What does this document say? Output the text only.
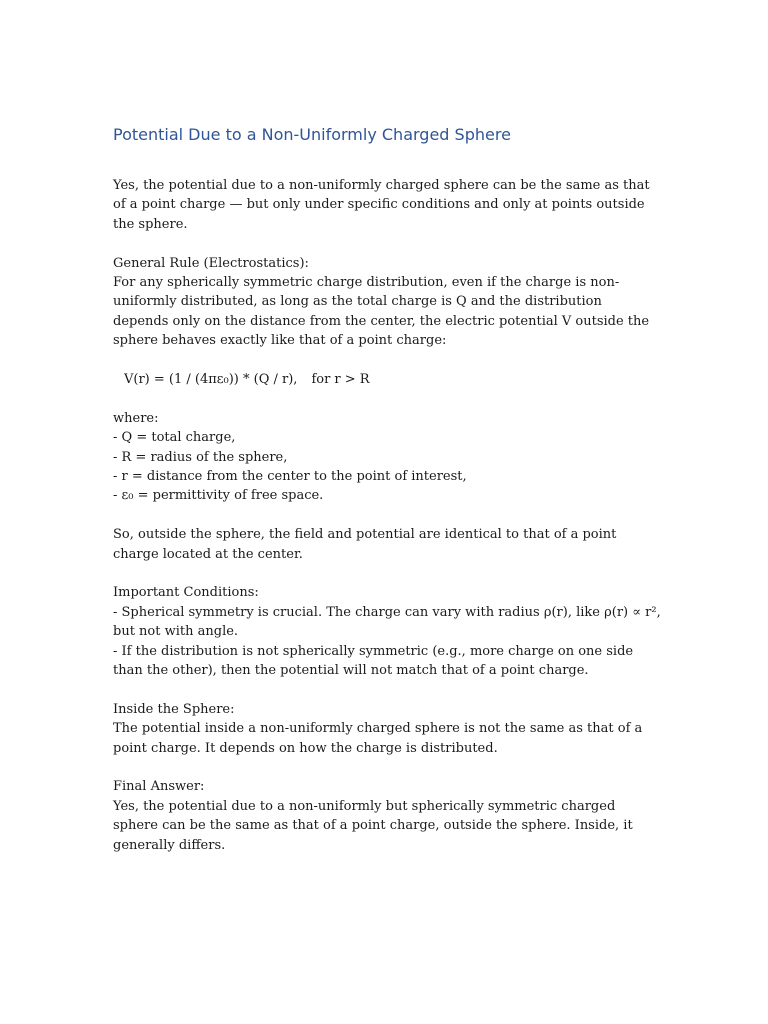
Potential Due to a Non-Uniformly Charged Sphere

Yes, the potential due to a non-uniformly charged sphere can be the same as that of a point charge — but only under specific conditions and only at points outside the sphere.

General Rule (Electrostatics):
For any spherically symmetric charge distribution, even if the charge is non-uniformly distributed, as long as the total charge is Q and the distribution depends only on the distance from the center, the electric potential V outside the sphere behaves exactly like that of a point charge:

V(r) = (1 / (4πε₀)) * (Q / r), for r > R

where:
- Q = total charge,
- R = radius of the sphere,
- r = distance from the center to the point of interest,
- ε₀ = permittivity of free space.

So, outside the sphere, the field and potential are identical to that of a point charge located at the center.

Important Conditions:
- Spherical symmetry is crucial. The charge can vary with radius ρ(r), like ρ(r) ∝ r², but not with angle.
- If the distribution is not spherically symmetric (e.g., more charge on one side than the other), then the potential will not match that of a point charge.

Inside the Sphere:
The potential inside a non-uniformly charged sphere is not the same as that of a point charge. It depends on how the charge is distributed.

Final Answer:
Yes, the potential due to a non-uniformly but spherically symmetric charged sphere can be the same as that of a point charge, outside the sphere. Inside, it generally differs.
